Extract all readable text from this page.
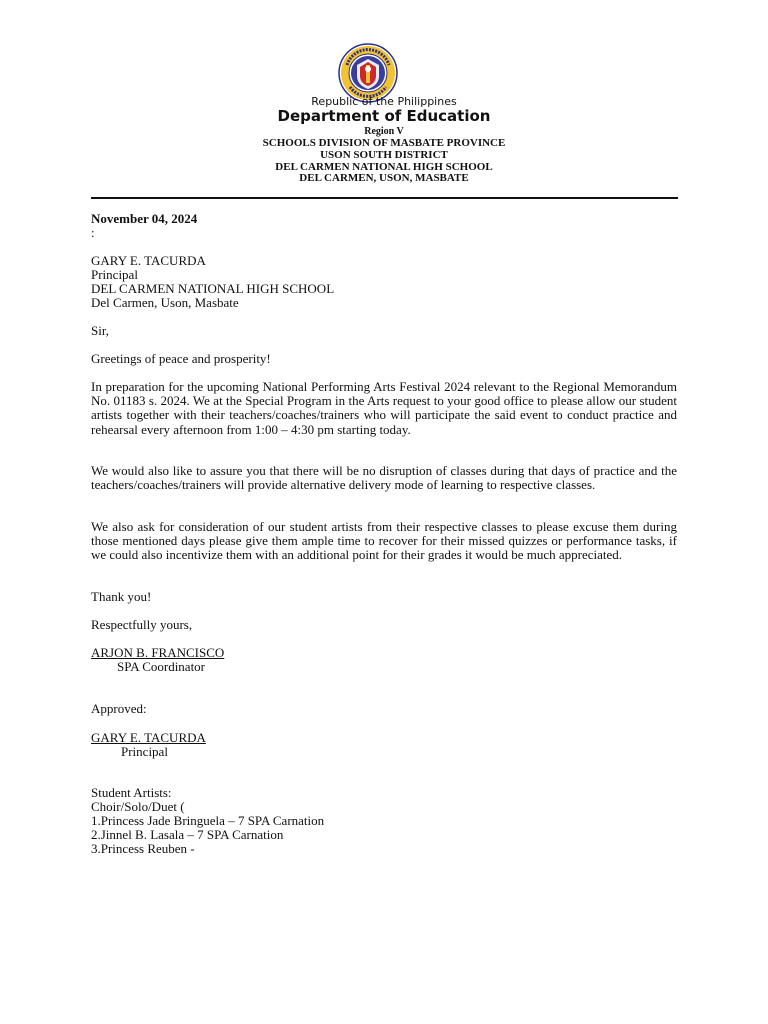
Republic of the Philippines
Department of Education
Region V
SCHOOLS DIVISION OF MASBATE PROVINCE
USON SOUTH DISTRICT
DEL CARMEN NATIONAL HIGH SCHOOL
DEL CARMEN, USON, MASBATE
November 04, 2024
:
GARY E. TACURDA
Principal
DEL CARMEN NATIONAL HIGH SCHOOL
Del Carmen, Uson, Masbate
Sir,
Greetings of peace and prosperity!
In preparation for the upcoming National Performing Arts Festival 2024 relevant to the Regional Memorandum No. 01183 s. 2024. We at the Special Program in the Arts request to your good office to please allow our student artists together with their teachers/coaches/trainers who will participate the said event to conduct practice and rehearsal every afternoon from 1:00 – 4:30 pm starting today.
We would also like to assure you that there will be no disruption of classes during that days of practice and the teachers/coaches/trainers will provide alternative delivery mode of learning to respective classes.
We also ask for consideration of our student artists from their respective classes to please excuse them during those mentioned days please give them ample time to recover for their missed quizzes or performance tasks, if we could also incentivize them with an additional point for their grades it would be much appreciated.
Thank you!
Respectfully yours,
ARJON B. FRANCISCO
SPA Coordinator
Approved:
GARY E. TACURDA
Principal
Student Artists:
Choir/Solo/Duet (
1.Princess Jade Bringuela – 7 SPA Carnation
2.Jinnel B. Lasala – 7 SPA Carnation
3.Princess Reuben -
